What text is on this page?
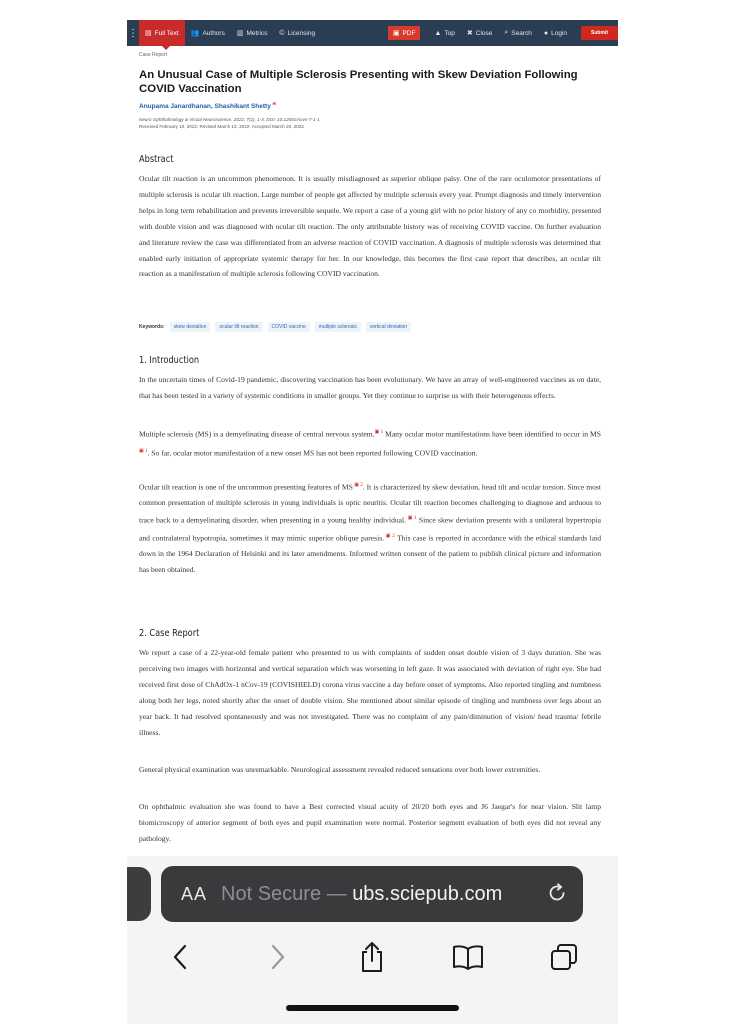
⋮ ▤ Full Text 👥 Authors ▥ Metrics © Licensing	▣ PDF	▲ Top ✖ Close ⌕ Search ● Login	Submit
Case Report
An Unusual Case of Multiple Sclerosis Presenting with Skew Deviation Following COVID Vaccination
Anupama Janardhanan, Shashikant Shetty ✉
Neuro Ophthalmology & Visual Neuroscience. 2022, 7(1), 1-4. DOI: 10.12691/novn-7-1-1
Received February 10, 2022; Revised March 13, 2022; Accepted March 20, 2022
Abstract
Ocular tilt reaction is an uncommon phenomenon. It is usually misdiagnosed as superior oblique palsy. One of the rare oculomotor presentations of multiple sclerosis is ocular tilt reaction. Large number of people get affected by multiple sclerosis every year. Prompt diagnosis and timely intervention helps in long term rehabilitation and prevents irreversible sequele. We report a case of a young girl with no prior history of any co morbidity, presented with double vision and was diagnosed with ocular tilt reaction. The only attributable history was of receiving COVID vaccine. On further evaluation and literature review the case was differentiated from an adverse reaction of COVID vaccination. A diagnosis of multiple sclerosis was determined that enabled early initiation of appropriate systemic therapy for her. In our knowledge, this becomes the first case report that describes, an ocular tilt reaction as a manifestation of multiple sclerosis following COVID vaccination.
Keywords:	skew deviation	ocular tilt reaction	COVID vaccine	multiple sclerosis	vertical deviation
1. Introduction
In the uncertain times of Covid-19 pandemic, discovering vaccination has been evolutionary. We have an array of well-engineered vaccines as on date, that has been tested in a variety of systemic conditions in smaller groups. Yet they continue to surprise us with their heterogenous effects.
Multiple sclerosis (MS) is a demyelinating disease of central nervous system.$^{▣ 1}$ Many ocular motor manifestations have been identified to occur in MS $^{▣ 1}$. So far, ocular motor manifestation of a new onset MS has not been reported following COVID vaccination.
Ocular tilt reaction is one of the uncommon presenting features of MS $^{▣ 2}$. It is characterized by skew deviation, head tilt and ocular torsion. Since most common presentation of multiple sclerosis in young individuals is optic neuritis. Ocular tilt reaction becomes challenging to diagnose and arduous to trace back to a demyelinating disorder, when presenting in a young healthy individual. $^{▣ 1}$ Since skew deviation presents with a unilateral hypertropia and contralateral hypotropia, sometimes it may mimic superior oblique paresis. $^{▣ 2}$ This case is reported in accordance with the ethical standards laid down in the 1964 Declaration of Helsinki and its later amendments. Informed written consent of the patient to publish clinical picture and information has been obtained.
2. Case Report
We report a case of a 22-year-old female patient who presented to us with complaints of sudden onset double vision of 3 days duration. She was perceiving two images with horizontal and vertical separation which was worsening in left gaze. It was associated with deviation of right eye. She had received first dose of ChAdOx-1 nCov-19 (COVISHIELD) corona virus vaccine a day before onset of symptoms. Also reported tingling and numbness along both her legs, noted shortly after the onset of double vision. She mentioned about similar episode of tingling and numbness over legs about an year back. It had resolved spontaneously and was not investigated. There was no complaint of any pain/diminution of vision/ head trauma/ febrile illness.
General physical examination was unremarkable. Neurological assessment revealed reduced sensations over both lower extremities.
On ophthalmic evaluation she was found to have a Best corrected visual acuity of 20/20 both eyes and J6 Jaegar's for near vision. Slit lamp biomicroscopy of anterior segment of both eyes and pupil examination were normal. Posterior segment evaluation of both eyes did not reveal any pathology.
AA Not Secure — ubs.sciepub.com
